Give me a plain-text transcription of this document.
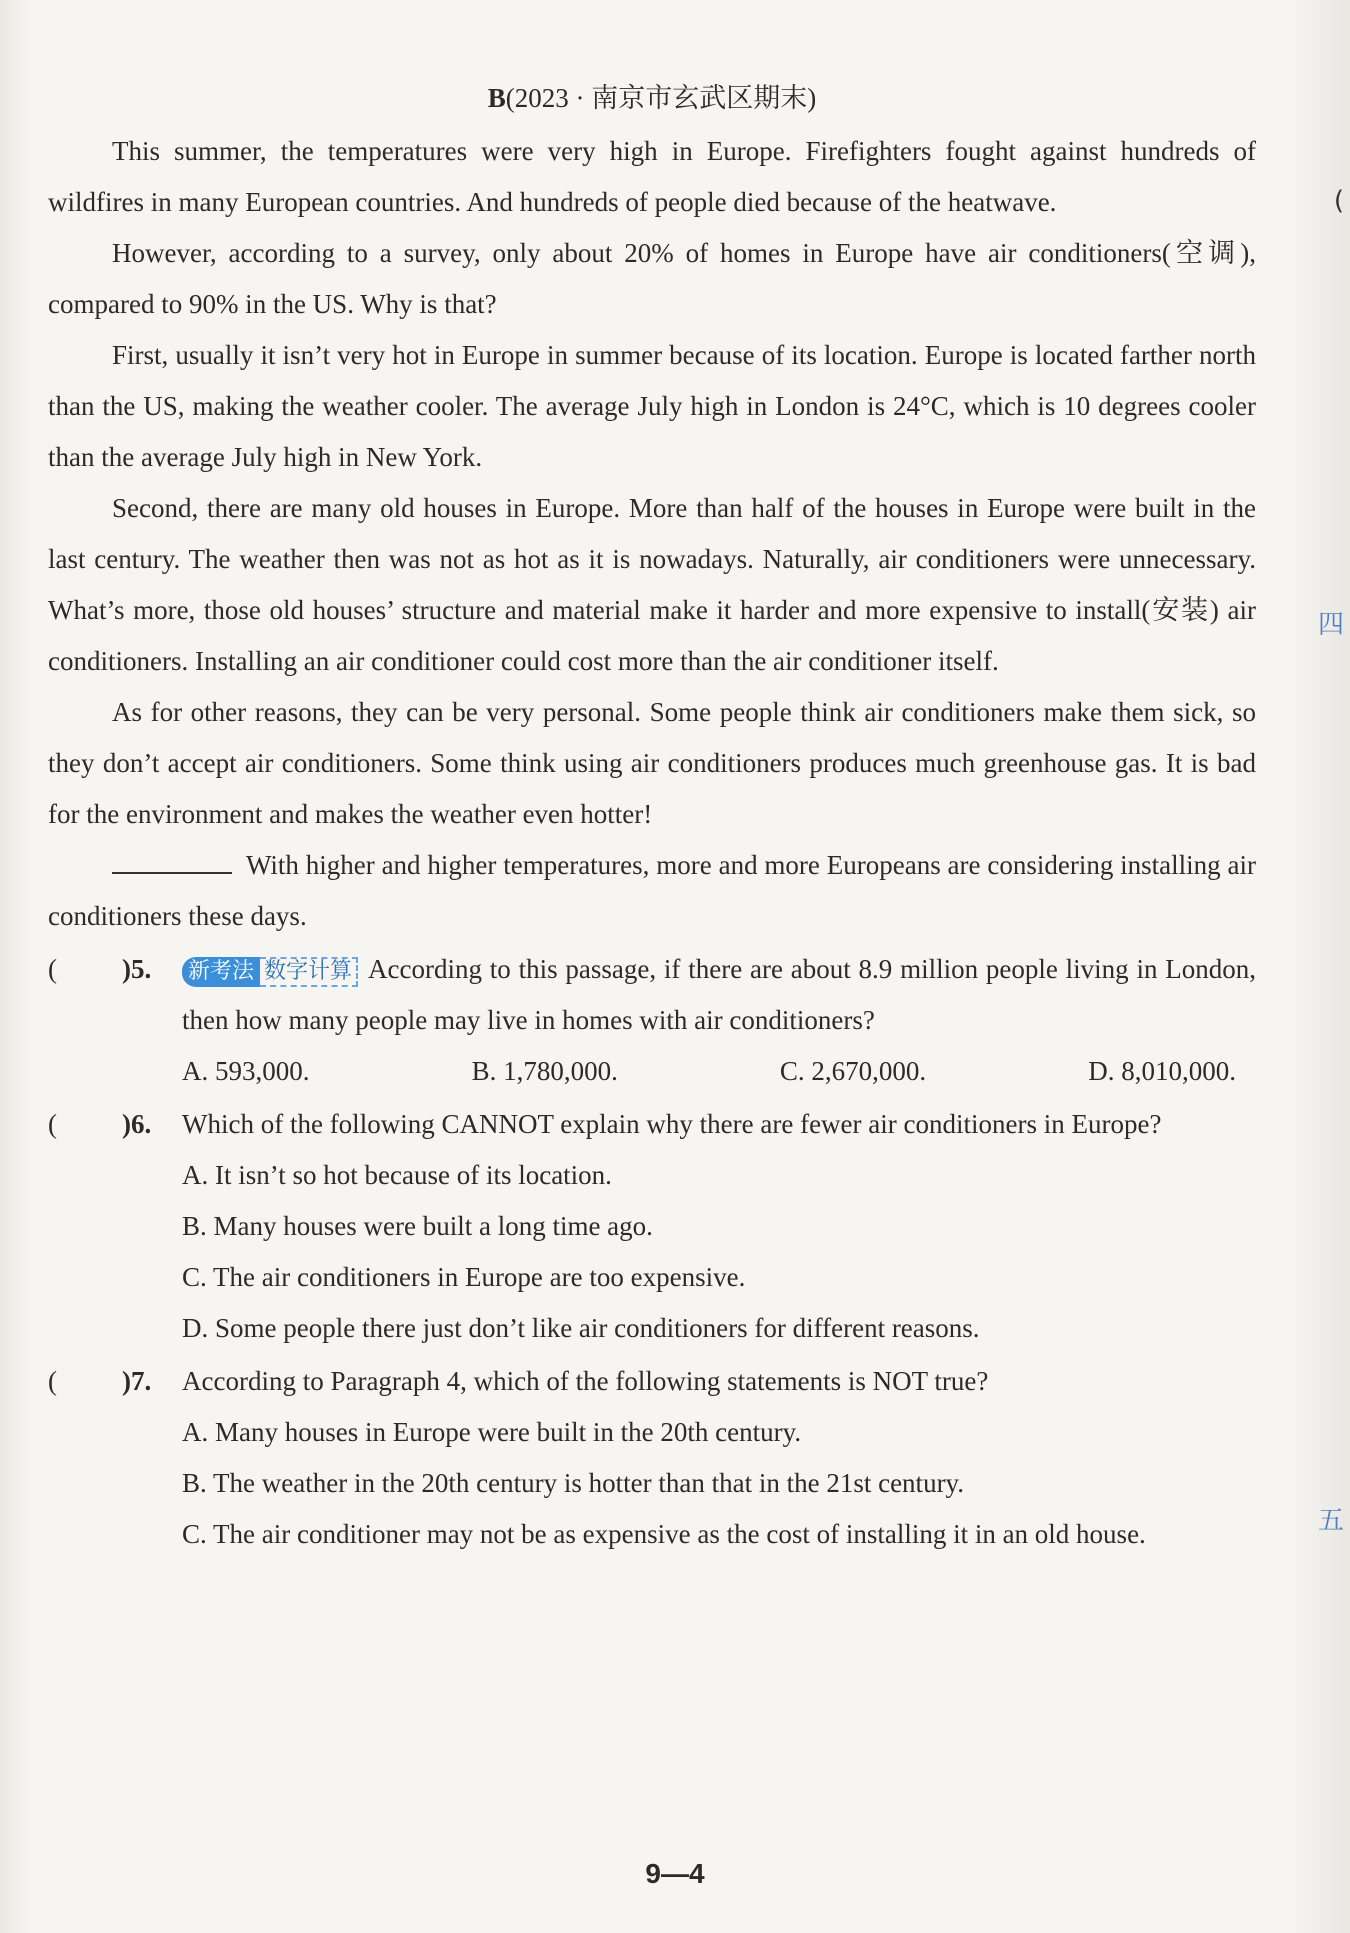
B(2023 · 南京市玄武区期末)

This summer, the temperatures were very high in Europe. Firefighters fought against hundreds of wildfires in many European countries. And hundreds of people died because of the heatwave.

However, according to a survey, only about 20% of homes in Europe have air conditioners(空调), compared to 90% in the US. Why is that?

First, usually it isn’t very hot in Europe in summer because of its location. Europe is located farther north than the US, making the weather cooler. The average July high in London is 24°C, which is 10 degrees cooler than the average July high in New York.

Second, there are many old houses in Europe. More than half of the houses in Europe were built in the last century. The weather then was not as hot as it is nowadays. Naturally, air conditioners were unnecessary. What’s more, those old houses’ structure and material make it harder and more expensive to install(安装) air conditioners. Installing an air conditioner could cost more than the air conditioner itself.

As for other reasons, they can be very personal. Some people think air conditioners make them sick, so they don’t accept air conditioners. Some think using air conditioners produces much greenhouse gas. It is bad for the environment and makes the weather even hotter!

With higher and higher temperatures, more and more Europeans are considering installing air conditioners these days.

( )5. 新考法 数字计算 According to this passage, if there are about 8.9 million people living in London, then how many people may live in homes with air conditioners?
A. 593,000.	B. 1,780,000.	C. 2,670,000.	D. 8,010,000.
( )6. Which of the following CANNOT explain why there are fewer air conditioners in Europe?
A. It isn’t so hot because of its location.
B. Many houses were built a long time ago.
C. The air conditioners in Europe are too expensive.
D. Some people there just don’t like air conditioners for different reasons.
( )7. According to Paragraph 4, which of the following statements is NOT true?
A. Many houses in Europe were built in the 20th century.
B. The weather in the 20th century is hotter than that in the 21st century.
C. The air conditioner may not be as expensive as the cost of installing it in an old house.
(
四
五
9—4
